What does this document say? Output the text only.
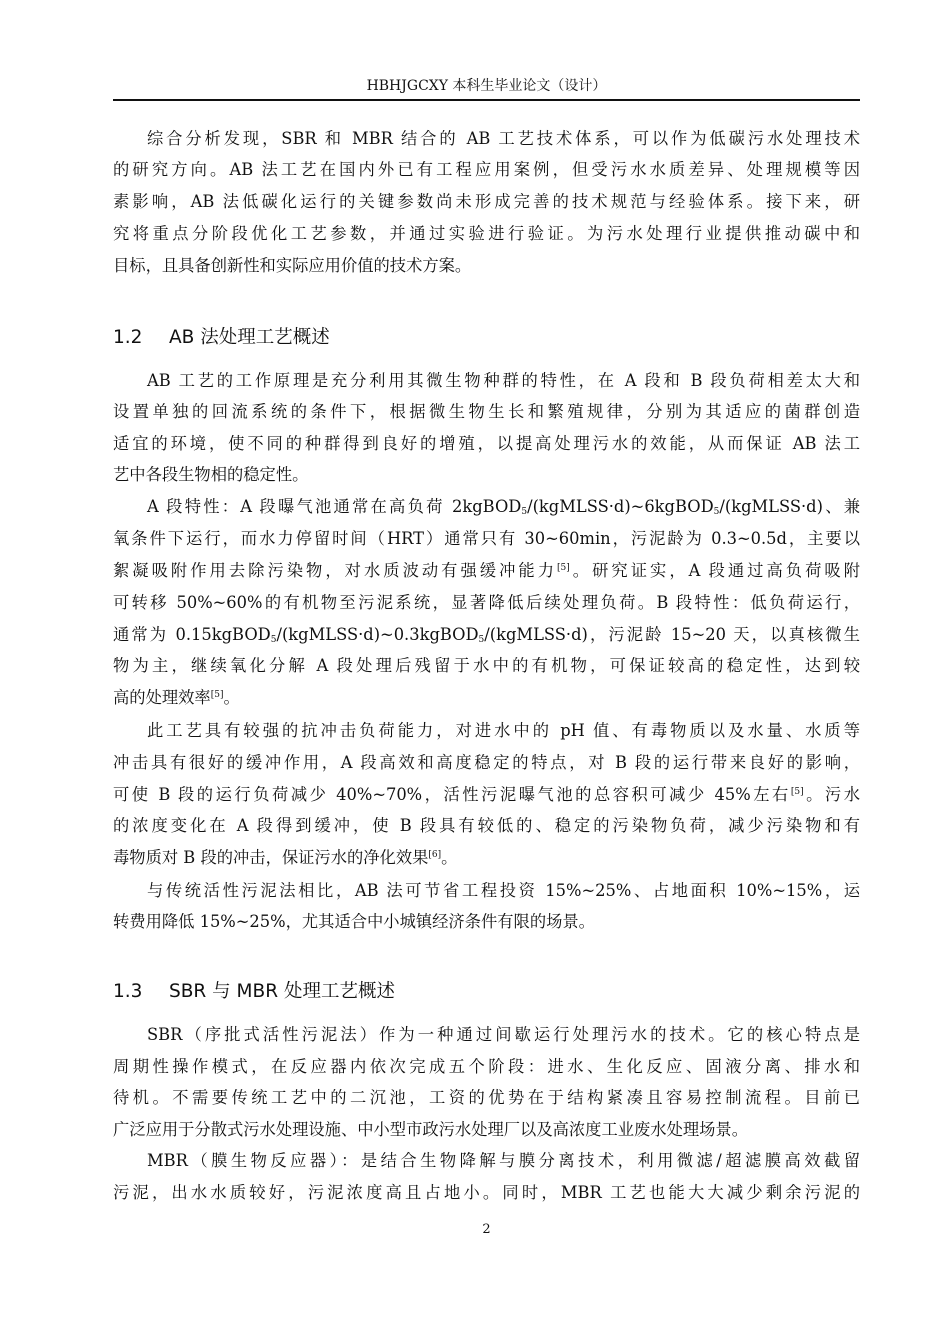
HBHJGCXY 本科生毕业论文（设计）
综合分析发现，SBR 和 MBR 结合的 AB 工艺技术体系，可以作为低碳污水处理技术
的研究方向。AB 法工艺在国内外已有工程应用案例，但受污水水质差异、处理规模等因
素影响，AB 法低碳化运行的关键参数尚未形成完善的技术规范与经验体系。接下来，研
究将重点分阶段优化工艺参数，并通过实验进行验证。为污水处理行业提供推动碳中和
目标，且具备创新性和实际应用价值的技术方案。
1.2 AB 法处理工艺概述
AB 工艺的工作原理是充分利用其微生物种群的特性，在 A 段和 B 段负荷相差太大和
设置单独的回流系统的条件下，根据微生物生长和繁殖规律，分别为其适应的菌群创造
适宜的环境，使不同的种群得到良好的增殖，以提高处理污水的效能，从而保证 AB 法工
艺中各段生物相的稳定性。
A 段特性：A 段曝气池通常在高负荷 2kgBOD$_5$/(kgMLSS·d)~6kgBOD$_5$/(kgMLSS·d)、兼
氧条件下运行，而水力停留时间（HRT）通常只有 30~60min，污泥龄为 0.3~0.5d，主要以
絮凝吸附作用去除污染物，对水质波动有强缓冲能力[5]。研究证实，A 段通过高负荷吸附
可转移 50%~60%的有机物至污泥系统，显著降低后续处理负荷。B 段特性：低负荷运行，
通常为 0.15kgBOD$_5$/(kgMLSS·d)~0.3kgBOD$_5$/(kgMLSS·d)，污泥龄 15~20 天，以真核微生
物为主，继续氧化分解 A 段处理后残留于水中的有机物，可保证较高的稳定性，达到较
高的处理效率[5]。
此工艺具有较强的抗冲击负荷能力，对进水中的 pH 值、有毒物质以及水量、水质等
冲击具有很好的缓冲作用，A 段高效和高度稳定的特点，对 B 段的运行带来良好的影响，
可使 B 段的运行负荷减少 40%~70%，活性污泥曝气池的总容积可减少 45%左右[5]。污水
的浓度变化在 A 段得到缓冲，使 B 段具有较低的、稳定的污染物负荷，减少污染物和有
毒物质对 B 段的冲击，保证污水的净化效果[6]。
与传统活性污泥法相比，AB 法可节省工程投资 15%~25%、占地面积 10%~15%，运
转费用降低 15%~25%，尤其适合中小城镇经济条件有限的场景。
1.3 SBR 与 MBR 处理工艺概述
SBR（序批式活性污泥法）作为一种通过间歇运行处理污水的技术。它的核心特点是
周期性操作模式，在反应器内依次完成五个阶段：进水、生化反应、固液分离、排水和
待机。不需要传统工艺中的二沉池，工资的优势在于结构紧凑且容易控制流程。目前已
广泛应用于分散式污水处理设施、中小型市政污水处理厂以及高浓度工业废水处理场景。
MBR（膜生物反应器）：是结合生物降解与膜分离技术，利用微滤/超滤膜高效截留
污泥，出水水质较好，污泥浓度高且占地小。同时，MBR 工艺也能大大减少剩余污泥的
2
